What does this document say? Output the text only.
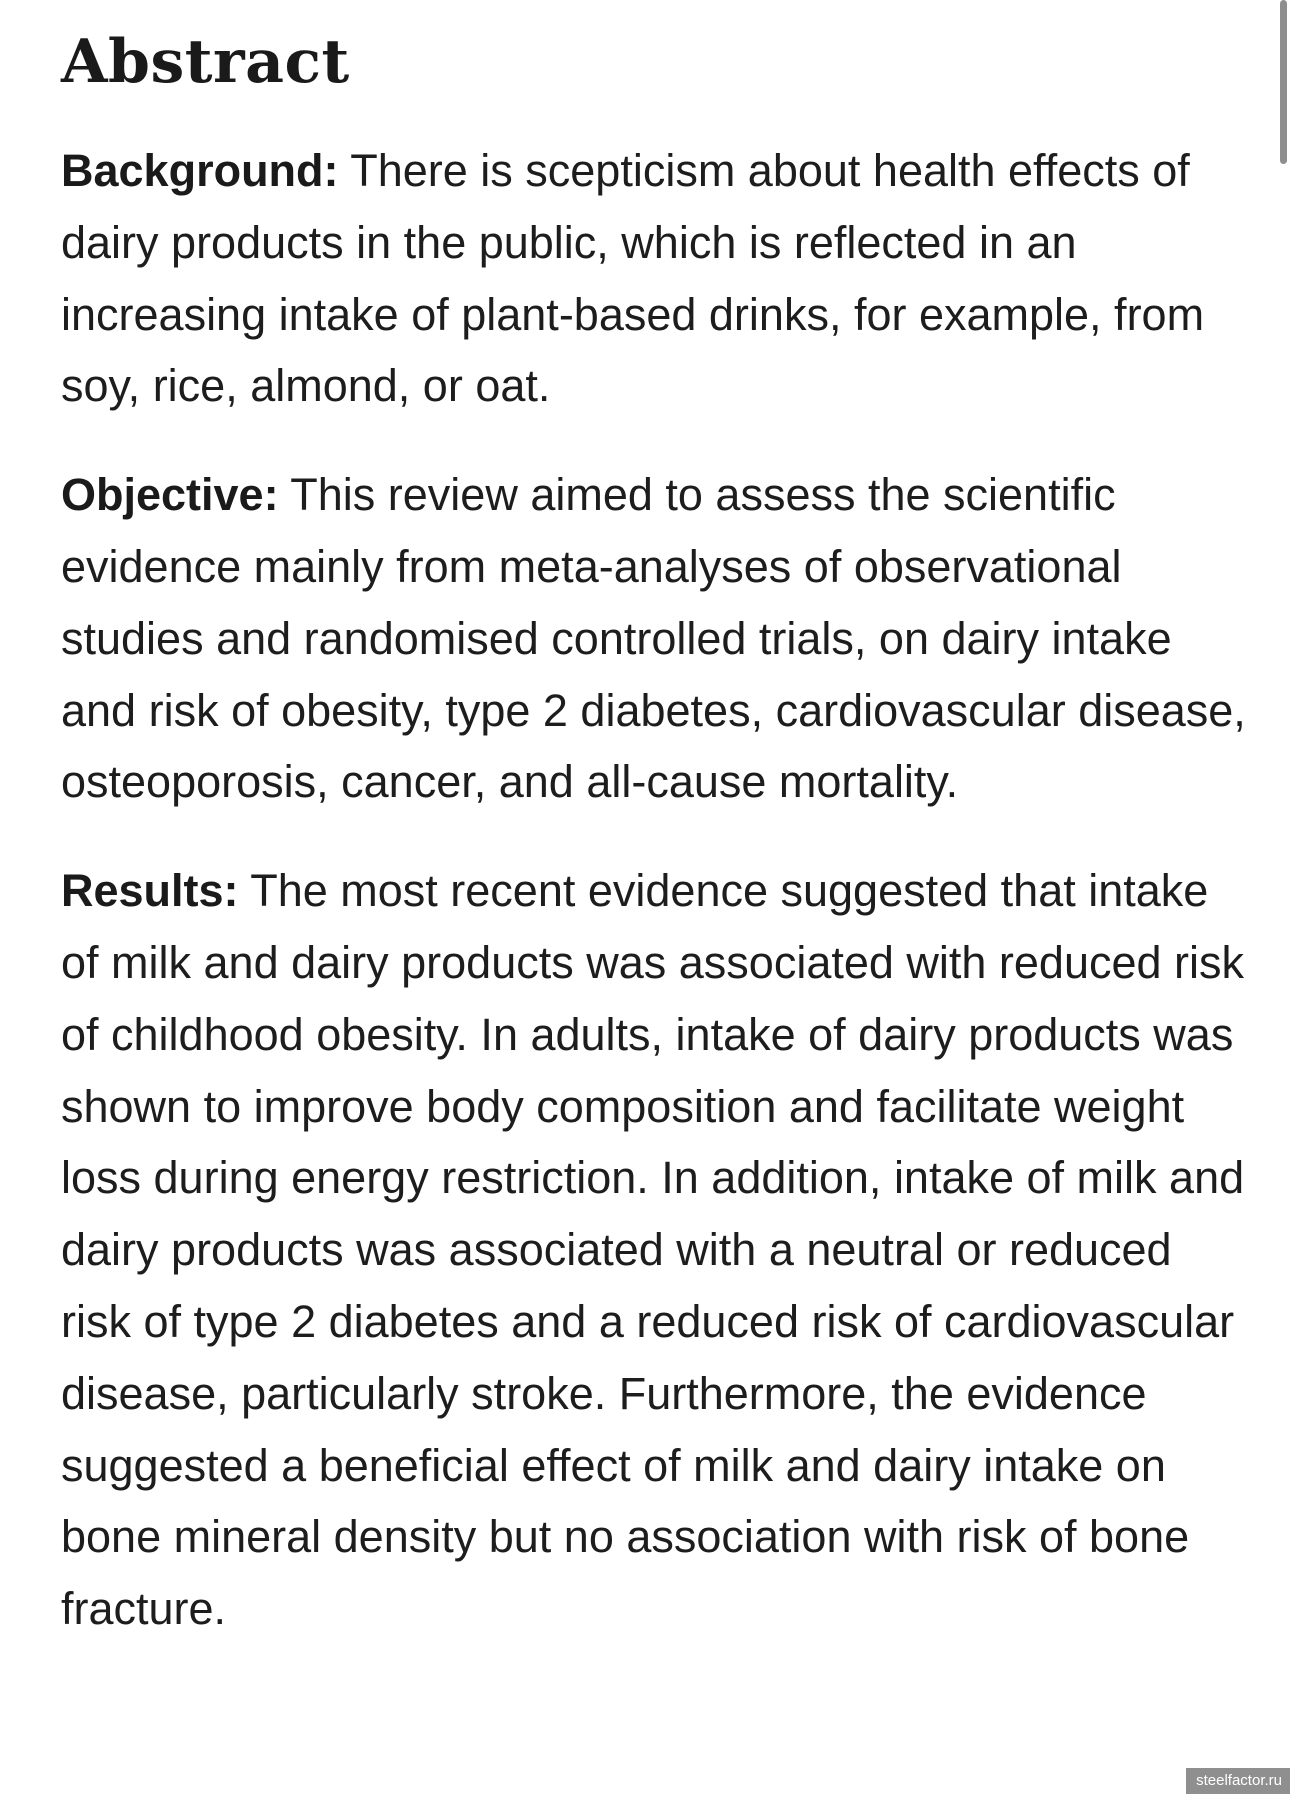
Abstract

Background: There is scepticism about health effects of dairy products in the public, which is reflected in an increasing intake of plant-based drinks, for example, from soy, rice, almond, or oat.

Objective: This review aimed to assess the scientific evidence mainly from meta-analyses of observational studies and randomised controlled trials, on dairy intake and risk of obesity, type 2 diabetes, cardiovascular disease, osteoporosis, cancer, and all-cause mortality.

Results: The most recent evidence suggested that intake of milk and dairy products was associated with reduced risk of childhood obesity. In adults, intake of dairy products was shown to improve body composition and facilitate weight loss during energy restriction. In addition, intake of milk and dairy products was associated with a neutral or reduced risk of type 2 diabetes and a reduced risk of cardiovascular disease, particularly stroke. Furthermore, the evidence suggested a beneficial effect of milk and dairy intake on bone mineral density but no association with risk of bone fracture.

steelfactor.ru
